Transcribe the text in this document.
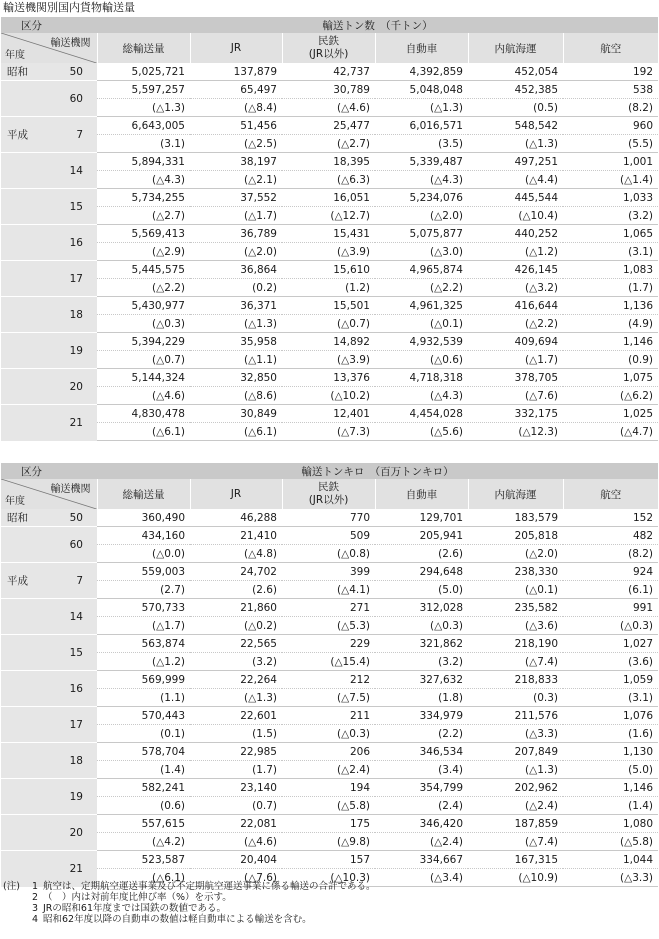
輸送機関別国内貨物輸送量
区分	輸送トン数　（千トン）					

輸送機関
年度	総輸送量	JR	民鉄
(JR以外)	自動車	内航海運	航空
昭和 50	5,025,721	137,879	42,737	4,392,859	452,054	192
60	5,597,257	65,497	30,789	5,048,048	452,385	538
	(△1.3)	(△8.4)	(△4.6)	(△1.3)	(0.5)	(8.2)
平成 7	6,643,005	51,456	25,477	6,016,571	548,542	960
	(3.1)	(△2.5)	(△2.7)	(3.5)	(△1.3)	(5.5)
14	5,894,331	38,197	18,395	5,339,487	497,251	1,001
	(△4.3)	(△2.1)	(△6.3)	(△4.3)	(△4.4)	(△1.4)
15	5,734,255	37,552	16,051	5,234,076	445,544	1,033
	(△2.7)	(△1.7)	(△12.7)	(△2.0)	(△10.4)	(3.2)
16	5,569,413	36,789	15,431	5,075,877	440,252	1,065
	(△2.9)	(△2.0)	(△3.9)	(△3.0)	(△1.2)	(3.1)
17	5,445,575	36,864	15,610	4,965,874	426,145	1,083
	(△2.2)	(0.2)	(1.2)	(△2.2)	(△3.2)	(1.7)
18	5,430,977	36,371	15,501	4,961,325	416,644	1,136
	(△0.3)	(△1.3)	(△0.7)	(△0.1)	(△2.2)	(4.9)
19	5,394,229	35,958	14,892	4,932,539	409,694	1,146
	(△0.7)	(△1.1)	(△3.9)	(△0.6)	(△1.7)	(0.9)
20	5,144,324	32,850	13,376	4,718,318	378,705	1,075
	(△4.6)	(△8.6)	(△10.2)	(△4.3)	(△7.6)	(△6.2)
21	4,830,478	30,849	12,401	4,454,028	332,175	1,025
	(△6.1)	(△6.1)	(△7.3)	(△5.6)	(△12.3)	(△4.7)
区分	輸送トンキロ　（百万トンキロ）					

輸送機関
年度	総輸送量	JR	民鉄
(JR以外)	自動車	内航海運	航空
昭和 50	360,490	46,288	770	129,701	183,579	152
60	434,160	21,410	509	205,941	205,818	482
	(△0.0)	(△4.8)	(△0.8)	(2.6)	(△2.0)	(8.2)
平成 7	559,003	24,702	399	294,648	238,330	924
	(2.7)	(2.6)	(△4.1)	(5.0)	(△0.1)	(6.1)
14	570,733	21,860	271	312,028	235,582	991
	(△1.7)	(△0.2)	(△5.3)	(△0.3)	(△3.6)	(△0.3)
15	563,874	22,565	229	321,862	218,190	1,027
	(△1.2)	(3.2)	(△15.4)	(3.2)	(△7.4)	(3.6)
16	569,999	22,264	212	327,632	218,833	1,059
	(1.1)	(△1.3)	(△7.5)	(1.8)	(0.3)	(3.1)
17	570,443	22,601	211	334,979	211,576	1,076
	(0.1)	(1.5)	(△0.3)	(2.2)	(△3.3)	(1.6)
18	578,704	22,985	206	346,534	207,849	1,130
	(1.4)	(1.7)	(△2.4)	(3.4)	(△1.3)	(5.0)
19	582,241	23,140	194	354,799	202,962	1,146
	(0.6)	(0.7)	(△5.8)	(2.4)	(△2.4)	(1.4)
20	557,615	22,081	175	346,420	187,859	1,080
	(△4.2)	(△4.6)	(△9.8)	(△2.4)	(△7.4)	(△5.8)
21	523,587	20,404	157	334,667	167,315	1,044
	(△6.1)	(△7.6)	(△10.3)	(△3.4)	(△10.9)	(△3.3)
(注)	1 航空は、定期航空運送事業及び不定期航空運送事業に係る輸送の合計である。
2 （　）内は対前年度比伸び率（%）を示す。
3 JRの昭和61年度までは国鉄の数値である。
4 昭和62年度以降の自動車の数値は軽自動車による輸送を含む。
